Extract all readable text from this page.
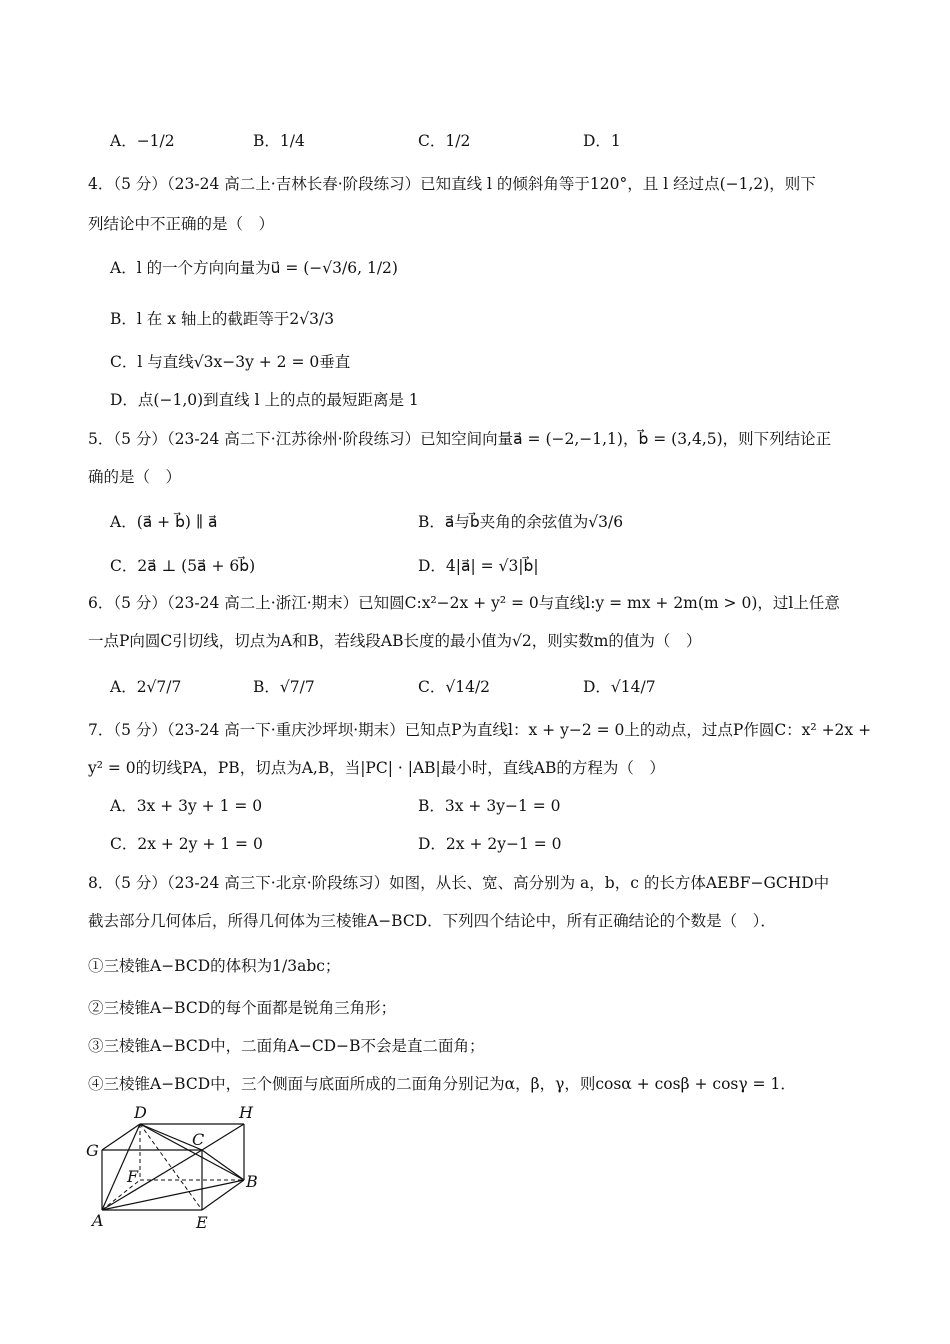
A．−1/2	B．1/4	C．1/2	D．1
4．（5 分）（23-24 高二上·吉林长春·阶段练习）已知直线 l 的倾斜角等于120°，且 l 经过点(−1,2)，则下
列结论中不正确的是（　）
A．l 的一个方向向量为u⃗ = (−√3/6, 1/2)
B．l 在 x 轴上的截距等于2√3/3
C．l 与直线√3x−3y + 2 = 0垂直
D．点(−1,0)到直线 l 上的点的最短距离是 1
5．（5 分）（23-24 高二下·江苏徐州·阶段练习）已知空间向量a⃗ = (−2,−1,1)，b⃗ = (3,4,5)，则下列结论正
确的是（　）
A．(a⃗ + b⃗) ∥ a⃗	B．a⃗与b⃗夹角的余弦值为√3/6
C．2a⃗ ⊥ (5a⃗ + 6b⃗)	D．4|a⃗| = √3|b⃗|
6．（5 分）（23-24 高二上·浙江·期末）已知圆C:x²−2x + y² = 0与直线l:y = mx + 2m(m > 0)，过l上任意
一点P向圆C引切线，切点为A和B，若线段AB长度的最小值为√2，则实数m的值为（　）
A．2√7/7	B．√7/7	C．√14/2	D．√14/7
7．（5 分）（23-24 高一下·重庆沙坪坝·期末）已知点P为直线l：x + y−2 = 0上的动点，过点P作圆C：x² +2x +
y² = 0的切线PA，PB，切点为A,B，当|PC| · |AB|最小时，直线AB的方程为（　）
A．3x + 3y + 1 = 0	B．3x + 3y−1 = 0
C．2x + 2y + 1 = 0	D．2x + 2y−1 = 0
8．（5 分）（23-24 高三下·北京·阶段练习）如图，从长、宽、高分别为 a，b，c 的长方体AEBF−GCHD中
截去部分几何体后，所得几何体为三棱锥A−BCD．下列四个结论中，所有正确结论的个数是（　）．
①三棱锥A−BCD的体积为1/3abc；
②三棱锥A−BCD的每个面都是锐角三角形；
③三棱锥A−BCD中，二面角A−CD−B不会是直二面角；
④三棱锥A−BCD中，三个侧面与底面所成的二面角分别记为α，β，γ，则cosα + cosβ + cosγ = 1．
D	H
G
C
F	B
A	E
